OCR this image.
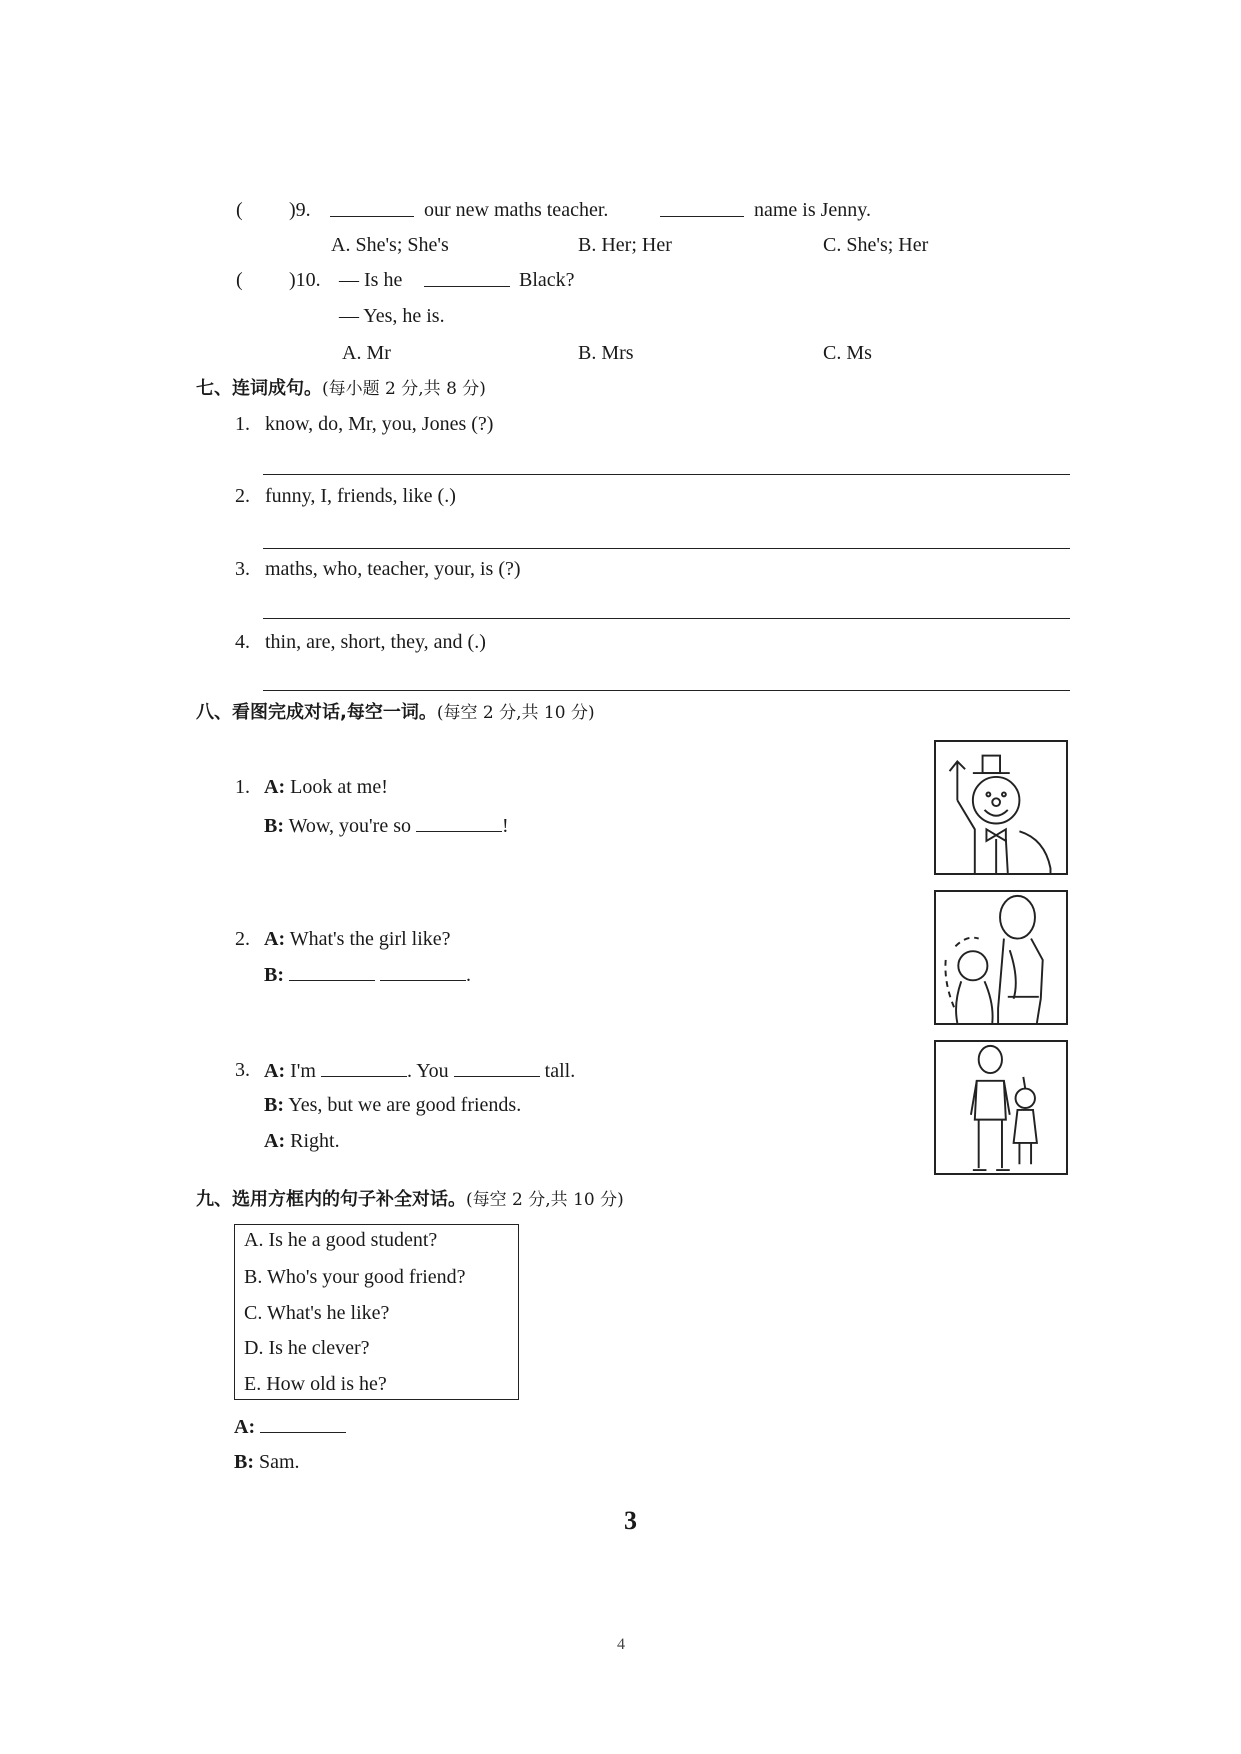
( )9.	our new maths teacher.	name is Jenny.
A. She's; She's	B. Her; Her	C. She's; Her
( )10. — Is he	Black?
— Yes, he is.
A. Mr	B. Mrs	C. Ms
七、连词成句。(每小题 2 分,共 8 分)
1. know, do, Mr, you, Jones (?)
2. funny, I, friends, like (.)
3. maths, who, teacher, your, is (?)
4. thin, are, short, they, and (.)
八、看图完成对话,每空一词。(每空 2 分,共 10 分)
1. A: Look at me!
B: Wow, you're so	!
2. A: What's the girl like?
B:	.
3. A: I'm	. You	tall.
B: Yes, but we are good friends.
A: Right.
九、选用方框内的句子补全对话。(每空 2 分,共 10 分)
A. Is he a good student?
B. Who's your good friend?
C. What's he like?
D. Is he clever?
E. How old is he?
A:
B: Sam.
3
4
